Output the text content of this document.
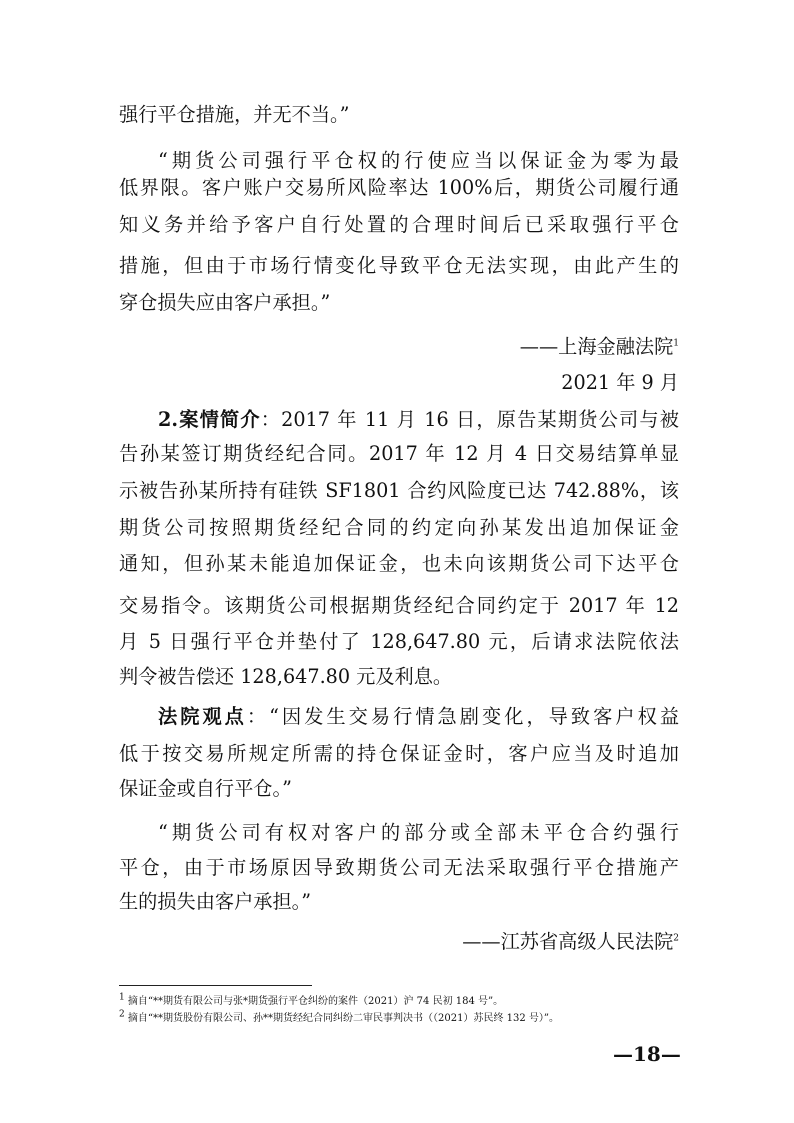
强行平仓措施，并无不当。”
“期货公司强行平仓权的行使应当以保证金为零为最
低界限。客户账户交易所风险率达 100%后，期货公司履行通
知义务并给予客户自行处置的合理时间后已采取强行平仓
措施，但由于市场行情变化导致平仓无法实现，由此产生的
穿仓损失应由客户承担。”
——上海金融法院$^1$
2021 年 9 月
2.案情简介：2017 年 11 月 16 日，原告某期货公司与被
告孙某签订期货经纪合同。2017 年 12 月 4 日交易结算单显
示被告孙某所持有硅铁 SF1801 合约风险度已达 742.88%，该
期货公司按照期货经纪合同的约定向孙某发出追加保证金
通知，但孙某未能追加保证金，也未向该期货公司下达平仓
交易指令。该期货公司根据期货经纪合同约定于 2017 年 12
月 5 日强行平仓并垫付了 128,647.80 元，后请求法院依法
判令被告偿还 128,647.80 元及利息。
法院观点：“因发生交易行情急剧变化，导致客户权益
低于按交易所规定所需的持仓保证金时，客户应当及时追加
保证金或自行平仓。”
“期货公司有权对客户的部分或全部未平仓合约强行
平仓，由于市场原因导致期货公司无法采取强行平仓措施产
生的损失由客户承担。”
——江苏省高级人民法院$^2$
1 摘自“**期货有限公司与张*期货强行平仓纠纷的案件（2021）沪 74 民初 184 号”。
2 摘自“**期货股份有限公司、孙**期货经纪合同纠纷二审民事判决书（（2021）苏民终 132 号）”。
—18—
